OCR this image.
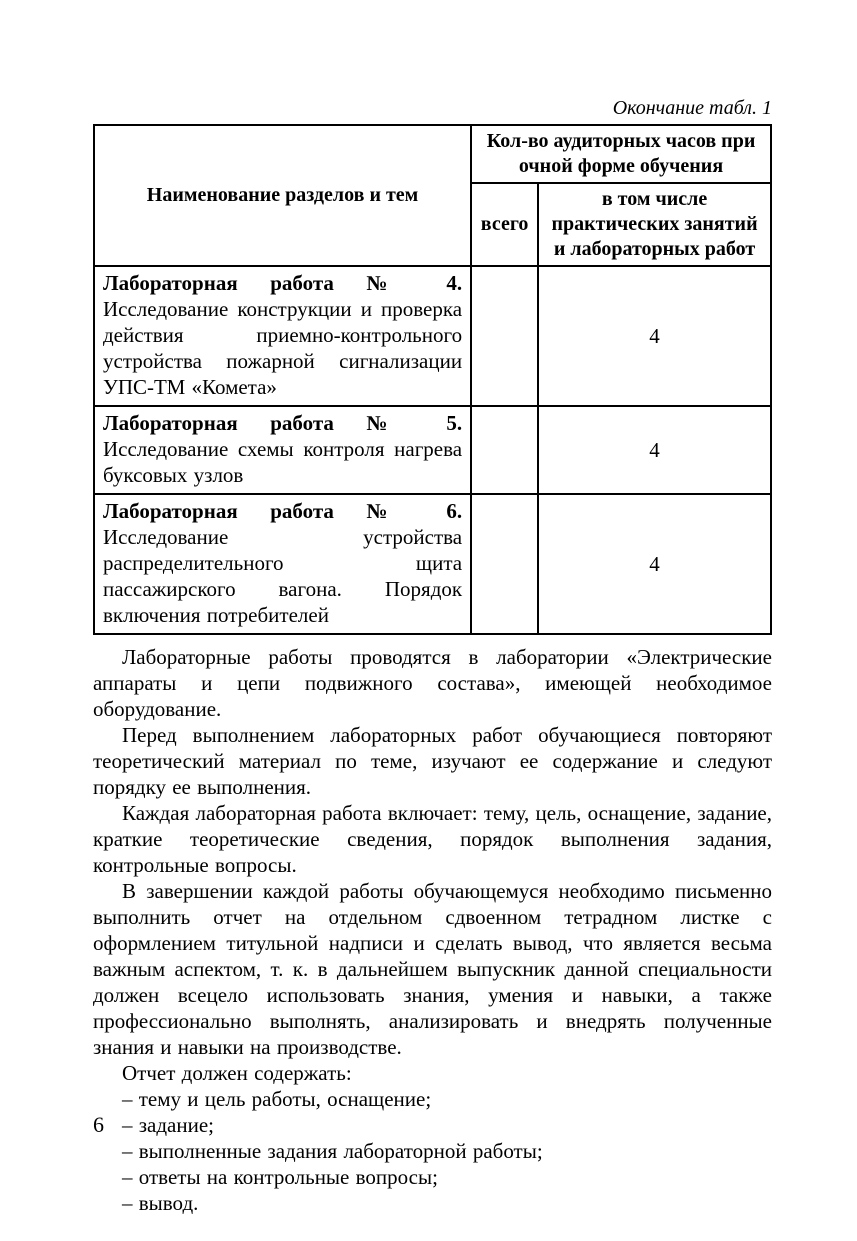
Окончание табл. 1
Наименование разделов и тем	Кол-во аудиторных часов при очной форме обучения	
	всего	в том числе практических занятий и лабораторных работ
Лабораторная работа № 4. Исследование конструкции и проверка действия приемно-контрольного устройства пожарной сигнализации УПС-ТМ «Комета»		4
Лабораторная работа № 5. Исследование схемы контроля нагрева буксовых узлов		4
Лабораторная работа № 6. Исследование устройства распределительного щита пассажирского вагона. Порядок включения потребителей		4

Лабораторные работы проводятся в лаборатории «Электрические аппараты и цепи подвижного состава», имеющей необходимое оборудование.

Перед выполнением лабораторных работ обучающиеся повторяют теоретический материал по теме, изучают ее содержание и следуют порядку ее выполнения.

Каждая лабораторная работа включает: тему, цель, оснащение, задание, краткие теоретические сведения, порядок выполнения задания, контрольные вопросы.

В завершении каждой работы обучающемуся необходимо письменно выполнить отчет на отдельном сдвоенном тетрадном листке с оформлением титульной надписи и сделать вывод, что является весьма важным аспектом, т. к. в дальнейшем выпускник данной специальности должен всецело использовать знания, умения и навыки, а также профессионально выполнять, анализировать и внедрять полученные знания и навыки на производстве.

Отчет должен содержать:

– тему и цель работы, оснащение;
– задание;
– выполненные задания лабораторной работы;
– ответы на контрольные вопросы;
– вывод.
6
